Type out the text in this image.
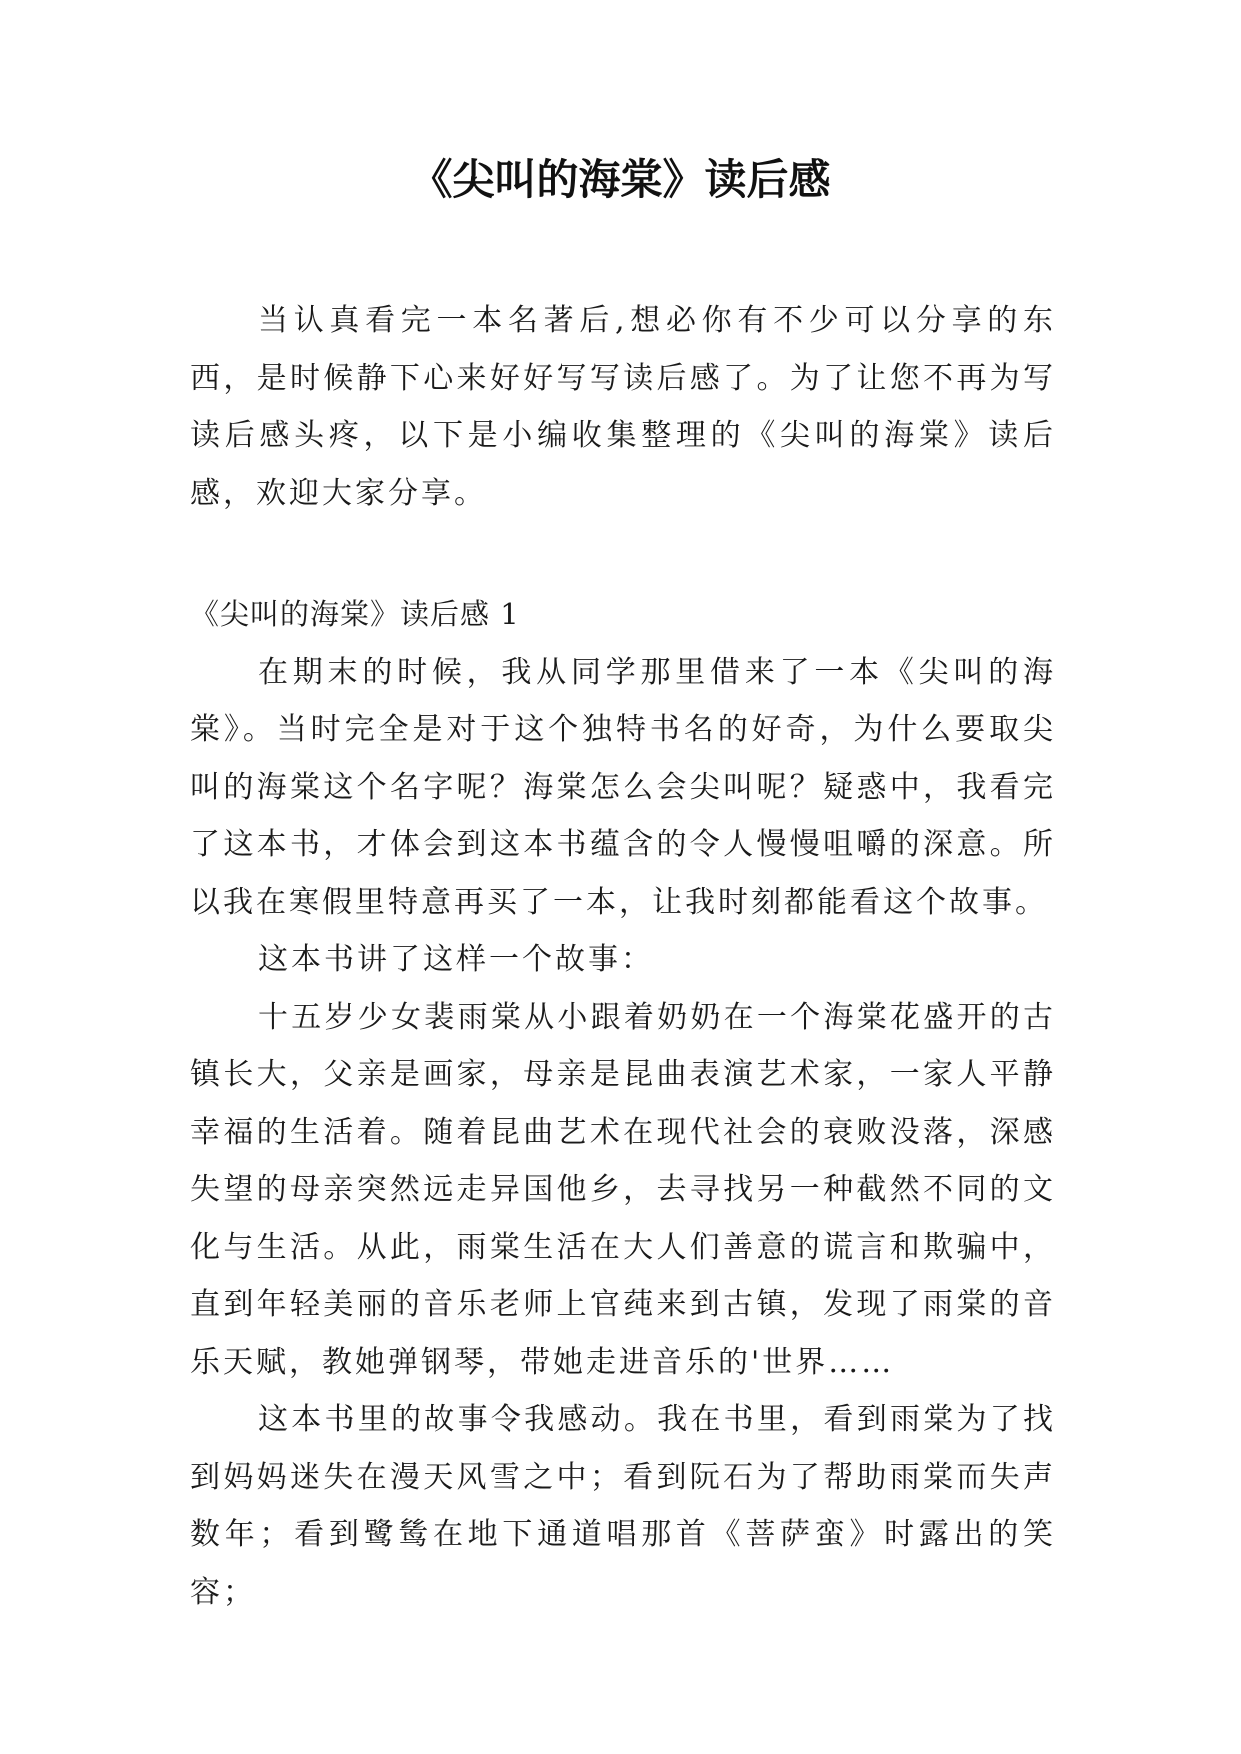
《尖叫的海棠》读后感

当认真看完一本名著后,想必你有不少可以分享的东西，是时候静下心来好好写写读后感了。为了让您不再为写读后感头疼，以下是小编收集整理的《尖叫的海棠》读后感，欢迎大家分享。

《尖叫的海棠》读后感 1

在期末的时候，我从同学那里借来了一本《尖叫的海棠》。当时完全是对于这个独特书名的好奇，为什么要取尖叫的海棠这个名字呢？海棠怎么会尖叫呢？疑惑中，我看完了这本书，才体会到这本书蕴含的令人慢慢咀嚼的深意。所以我在寒假里特意再买了一本，让我时刻都能看这个故事。

这本书讲了这样一个故事：

十五岁少女裴雨棠从小跟着奶奶在一个海棠花盛开的古镇长大，父亲是画家，母亲是昆曲表演艺术家，一家人平静幸福的生活着。随着昆曲艺术在现代社会的衰败没落，深感失望的母亲突然远走异国他乡，去寻找另一种截然不同的文化与生活。从此，雨棠生活在大人们善意的谎言和欺骗中，直到年轻美丽的音乐老师上官莼来到古镇，发现了雨棠的音乐天赋，教她弹钢琴，带她走进音乐的'世界……

这本书里的故事令我感动。我在书里，看到雨棠为了找到妈妈迷失在漫天风雪之中；看到阮石为了帮助雨棠而失声数年；看到鹭鸶在地下通道唱那首《菩萨蛮》时露出的笑容；
